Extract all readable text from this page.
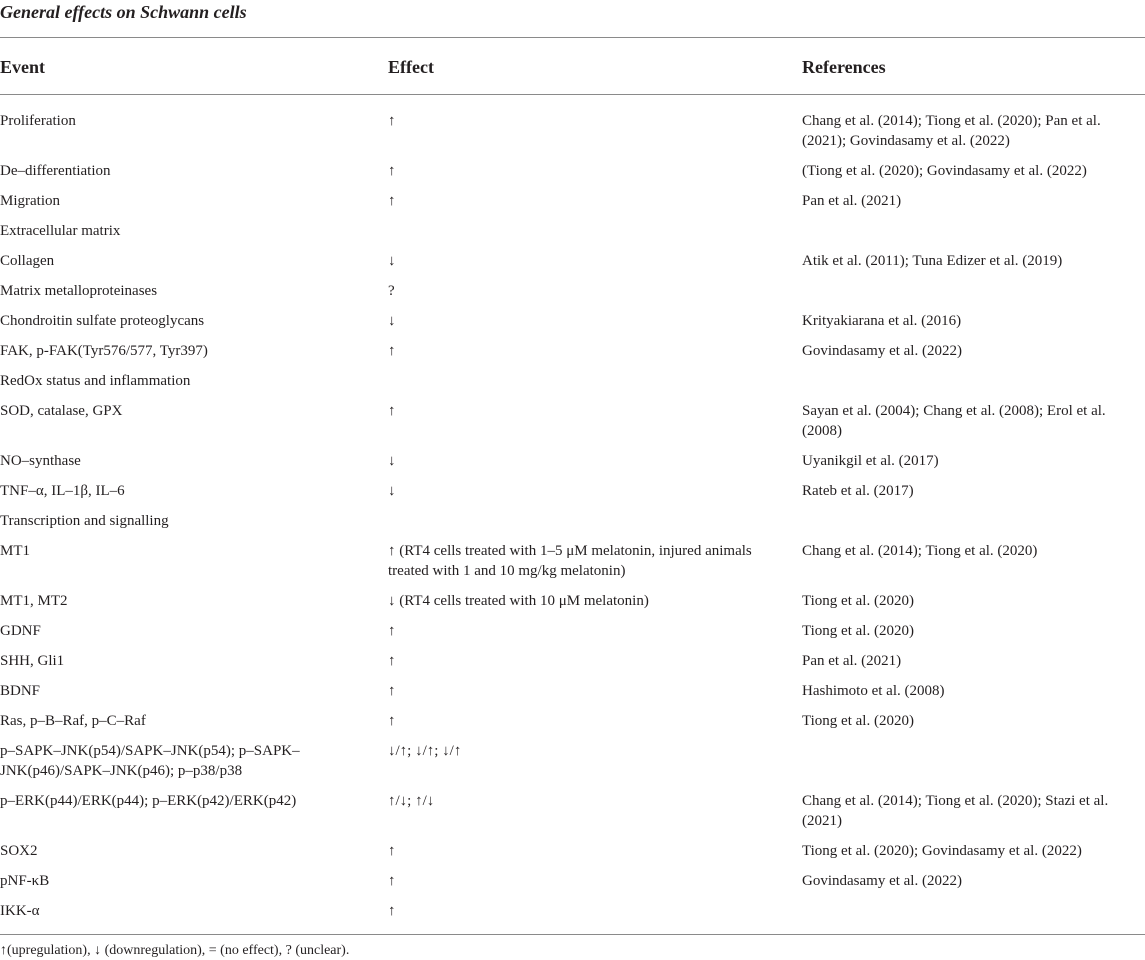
General effects on Schwann cells
Event	Effect	References
Proliferation	↑	Chang et al. (2014); Tiong et al. (2020); Pan et al. (2021); Govindasamy et al. (2022)
De–differentiation	↑	(Tiong et al. (2020); Govindasamy et al. (2022)
Migration	↑	Pan et al. (2021)
Extracellular matrix		
Collagen	↓	Atik et al. (2011); Tuna Edizer et al. (2019)
Matrix metalloproteinases	?	
Chondroitin sulfate proteoglycans	↓	Krityakiarana et al. (2016)
FAK, p-FAK(Tyr576/577, Tyr397)	↑	Govindasamy et al. (2022)
RedOx status and inflammation		
SOD, catalase, GPX	↑	Sayan et al. (2004); Chang et al. (2008); Erol et al. (2008)
NO–synthase	↓	Uyanikgil et al. (2017)
TNF–α, IL–1β, IL–6	↓	Rateb et al. (2017)
Transcription and signalling		
MT1	↑ (RT4 cells treated with 1–5 μM melatonin, injured animals treated with 1 and 10 mg/kg melatonin)	Chang et al. (2014); Tiong et al. (2020)
MT1, MT2	↓ (RT4 cells treated with 10 μM melatonin)	Tiong et al. (2020)
GDNF	↑	Tiong et al. (2020)
SHH, Gli1	↑	Pan et al. (2021)
BDNF	↑	Hashimoto et al. (2008)
Ras, p–B–Raf, p–C–Raf	↑	Tiong et al. (2020)
p–SAPK–JNK(p54)/SAPK–JNK(p54); p–SAPK–JNK(p46)/SAPK–JNK(p46); p–p38/p38	↓/↑; ↓/↑; ↓/↑	
p–ERK(p44)/ERK(p44); p–ERK(p42)/ERK(p42)	↑/↓; ↑/↓	Chang et al. (2014); Tiong et al. (2020); Stazi et al. (2021)
SOX2	↑	Tiong et al. (2020); Govindasamy et al. (2022)
pNF-κB	↑	Govindasamy et al. (2022)
IKK-α	↑	
↑(upregulation), ↓ (downregulation), = (no effect), ? (unclear).
